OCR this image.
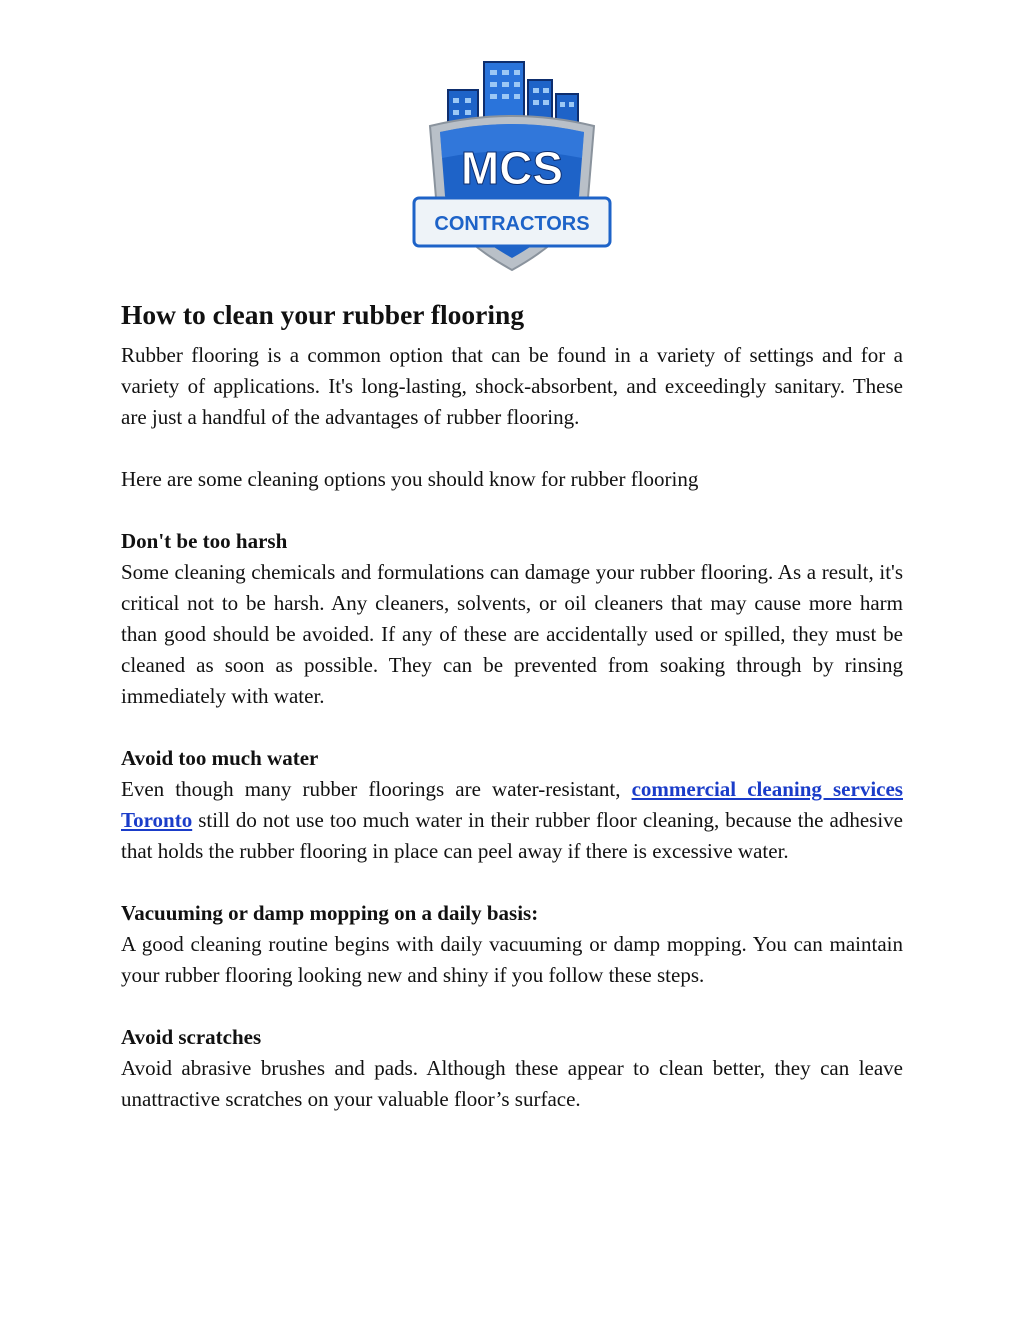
MCS
CONTRACTORS
How to clean your rubber flooring

Rubber flooring is a common option that can be found in a variety of settings and for a variety of applications. It's long-lasting, shock-absorbent, and exceedingly sanitary. These are just a handful of the advantages of rubber flooring.

Here are some cleaning options you should know for rubber flooring

Don't be too harsh

Some cleaning chemicals and formulations can damage your rubber flooring. As a result, it's critical not to be harsh. Any cleaners, solvents, or oil cleaners that may cause more harm than good should be avoided. If any of these are accidentally used or spilled, they must be cleaned as soon as possible. They can be prevented from soaking through by rinsing immediately with water.

Avoid too much water

Even though many rubber floorings are water-resistant, commercial cleaning services Toronto still do not use too much water in their rubber floor cleaning, because the adhesive that holds the rubber flooring in place can peel away if there is excessive water.

Vacuuming or damp mopping on a daily basis:

A good cleaning routine begins with daily vacuuming or damp mopping. You can maintain your rubber flooring looking new and shiny if you follow these steps.

Avoid scratches

Avoid abrasive brushes and pads. Although these appear to clean better, they can leave unattractive scratches on your valuable floor’s surface.
